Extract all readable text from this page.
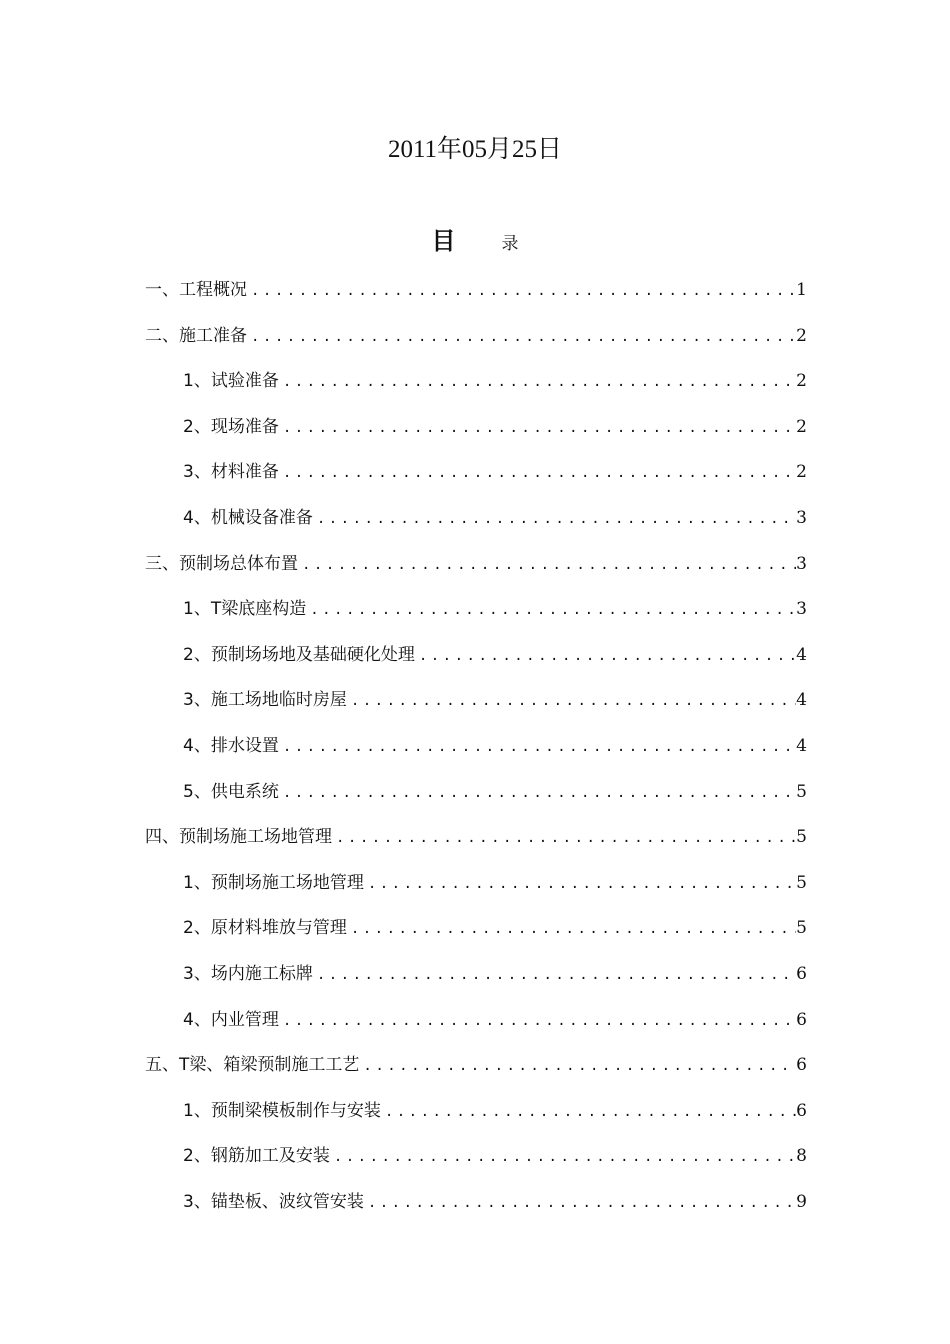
2011年05月25日
目	录
一、工程概况 .....	1
二、施工准备 .....	2
1、试验准备 .....	2
2、现场准备 .....	2
3、材料准备 .....	2
4、机械设备准备 .....	3
三、预制场总体布置 .....	3
1、T梁底座构造 .....	3
2、预制场场地及基础硬化处理 .....	4
3、施工场地临时房屋 .....	4
4、排水设置 .....	4
5、供电系统 .....	5
四、预制场施工场地管理 .....	5
1、预制场施工场地管理 .....	5
2、原材料堆放与管理 .....	5
3、场内施工标牌 .....	6
4、内业管理 .....	6
五、T梁、箱梁预制施工工艺 .....	6
1、预制梁模板制作与安装 .....	6
2、钢筋加工及安装 .....	8
3、锚垫板、波纹管安装 .....	9
